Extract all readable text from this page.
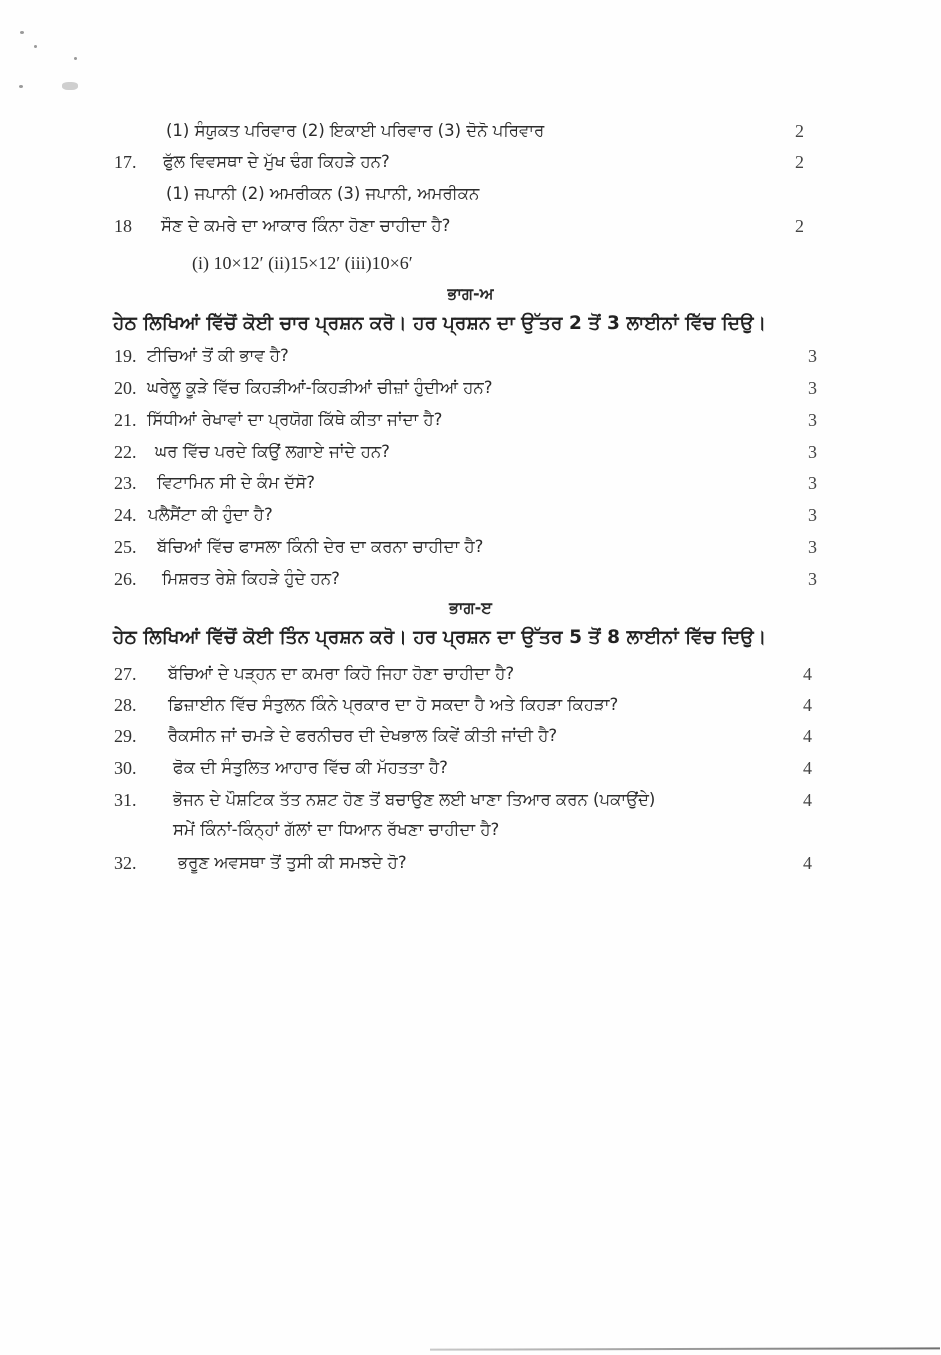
(1) ਸੰਯੁਕਤ ਪਰਿਵਾਰ (2) ਇਕਾਈ ਪਰਿਵਾਰ (3) ਦੋਨੋ ਪਰਿਵਾਰ	2
17. ਫੁੱਲ ਵਿਵਸਥਾ ਦੇ ਮੁੱਖ ਢੰਗ ਕਿਹੜੇ ਹਨ?	2
(1) ਜਪਾਨੀ (2) ਅਮਰੀਕਨ (3) ਜਪਾਨੀ, ਅਮਰੀਕਨ
18 ਸੌਣ ਦੇ ਕਮਰੇ ਦਾ ਆਕਾਰ ਕਿੰਨਾ ਹੋਣਾ ਚਾਹੀਦਾ ਹੈ?	2
(i) 10×12′ (ii)15×12′ (iii)10×6′
ਭਾਗ-ਅ
ਹੇਠ ਲਿਖਿਆਂ ਵਿੱਚੋਂ ਕੋਈ ਚਾਰ ਪ੍ਰਸ਼ਨ ਕਰੋ। ਹਰ ਪ੍ਰਸ਼ਨ ਦਾ ਉੱਤਰ 2 ਤੋਂ 3 ਲਾਈਨਾਂ ਵਿੱਚ ਦਿਉ।
19. ਟੀਚਿਆਂ ਤੋਂ ਕੀ ਭਾਵ ਹੈ?	3
20. ਘਰੇਲੂ ਕੂੜੇ ਵਿੱਚ ਕਿਹੜੀਆਂ-ਕਿਹੜੀਆਂ ਚੀਜ਼ਾਂ ਹੁੰਦੀਆਂ ਹਨ?	3
21. ਸਿੱਧੀਆਂ ਰੇਖਾਵਾਂ ਦਾ ਪ੍ਰਯੋਗ ਕਿੱਥੇ ਕੀਤਾ ਜਾਂਦਾ ਹੈ?	3
22. ਘਰ ਵਿੱਚ ਪਰਦੇ ਕਿਉਂ ਲਗਾਏ ਜਾਂਦੇ ਹਨ?	3
23. ਵਿਟਾਮਿਨ ਸੀ ਦੇ ਕੰਮ ਦੱਸੋ?	3
24. ਪਲੈਸੈਂਟਾ ਕੀ ਹੁੰਦਾ ਹੈ?	3
25. ਬੱਚਿਆਂ ਵਿੱਚ ਫਾਸਲਾ ਕਿੰਨੀ ਦੇਰ ਦਾ ਕਰਨਾ ਚਾਹੀਦਾ ਹੈ?	3
26. ਮਿਸ਼ਰਤ ਰੇਸ਼ੇ ਕਿਹੜੇ ਹੁੰਦੇ ਹਨ?	3
ਭਾਗ-ੲ
ਹੇਠ ਲਿਖਿਆਂ ਵਿੱਚੋਂ ਕੋਈ ਤਿੰਨ ਪ੍ਰਸ਼ਨ ਕਰੋ। ਹਰ ਪ੍ਰਸ਼ਨ ਦਾ ਉੱਤਰ 5 ਤੋਂ 8 ਲਾਈਨਾਂ ਵਿੱਚ ਦਿਉ।
27. ਬੱਚਿਆਂ ਦੇ ਪੜ੍ਹਨ ਦਾ ਕਮਰਾ ਕਿਹੋ ਜਿਹਾ ਹੋਣਾ ਚਾਹੀਦਾ ਹੈ?	4
28. ਡਿਜ਼ਾਈਨ ਵਿੱਚ ਸੰਤੁਲਨ ਕਿੰਨੇ ਪ੍ਰਕਾਰ ਦਾ ਹੋ ਸਕਦਾ ਹੈ ਅਤੇ ਕਿਹੜਾ ਕਿਹੜਾ?	4
29. ਰੈਕਸੀਨ ਜਾਂ ਚਮੜੇ ਦੇ ਫਰਨੀਚਰ ਦੀ ਦੇਖਭਾਲ ਕਿਵੇਂ ਕੀਤੀ ਜਾਂਦੀ ਹੈ?	4
30. ਫੋਕ ਦੀ ਸੰਤੁਲਿਤ ਆਹਾਰ ਵਿੱਚ ਕੀ ਮੱਹਤਤਾ ਹੈ?	4
31. ਭੋਜਨ ਦੇ ਪੌਸ਼ਟਿਕ ਤੱਤ ਨਸ਼ਟ ਹੋਣ ਤੋਂ ਬਚਾਉਣ ਲਈ ਖਾਣਾ ਤਿਆਰ ਕਰਨ (ਪਕਾਉਂਦੇ)	4
ਸਮੇਂ ਕਿੰਨਾਂ-ਕਿੰਨ੍ਹਾਂ ਗੱਲਾਂ ਦਾ ਧਿਆਨ ਰੱਖਣਾ ਚਾਹੀਦਾ ਹੈ?
32.	ਭਰੂਣ ਅਵਸਥਾ ਤੋਂ ਤੁਸੀ ਕੀ ਸਮਝਦੇ ਹੋ?	4
